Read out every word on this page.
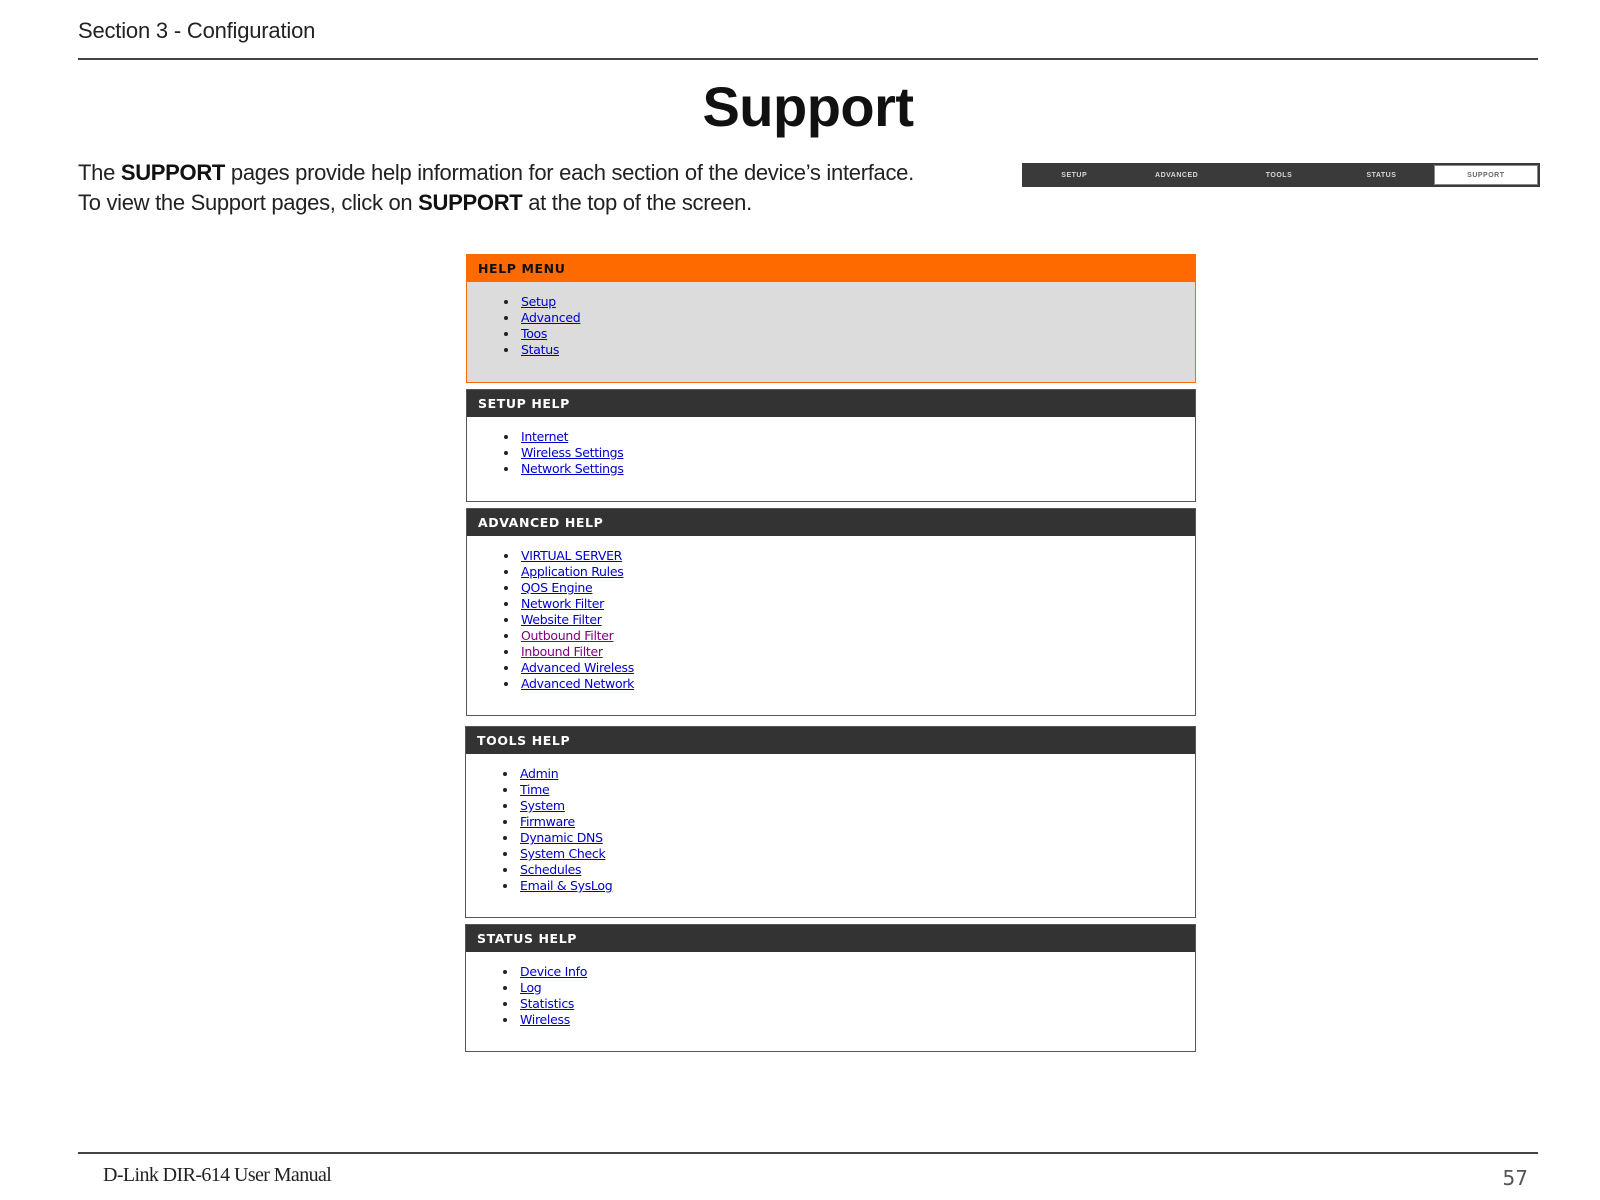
Section 3 - Configuration
Support
The SUPPORT pages provide help information for each section of the device’s interface.
To view the Support pages, click on SUPPORT at the top of the screen.
SETUP	ADVANCED	TOOLS	STATUS	SUPPORT
HELP MENU
• Setup
• Advanced
• Toos
• Status
SETUP HELP
• Internet
• Wireless Settings
• Network Settings
ADVANCED HELP
• VIRTUAL SERVER
• Application Rules
• QOS Engine
• Network Filter
• Website Filter
• Outbound Filter
• Inbound Filter
• Advanced Wireless
• Advanced Network
TOOLS HELP
• Admin
• Time
• System
• Firmware
• Dynamic DNS
• System Check
• Schedules
• Email & SysLog
STATUS HELP
• Device Info
• Log
• Statistics
• Wireless
D-Link DIR-614 User Manual	57
